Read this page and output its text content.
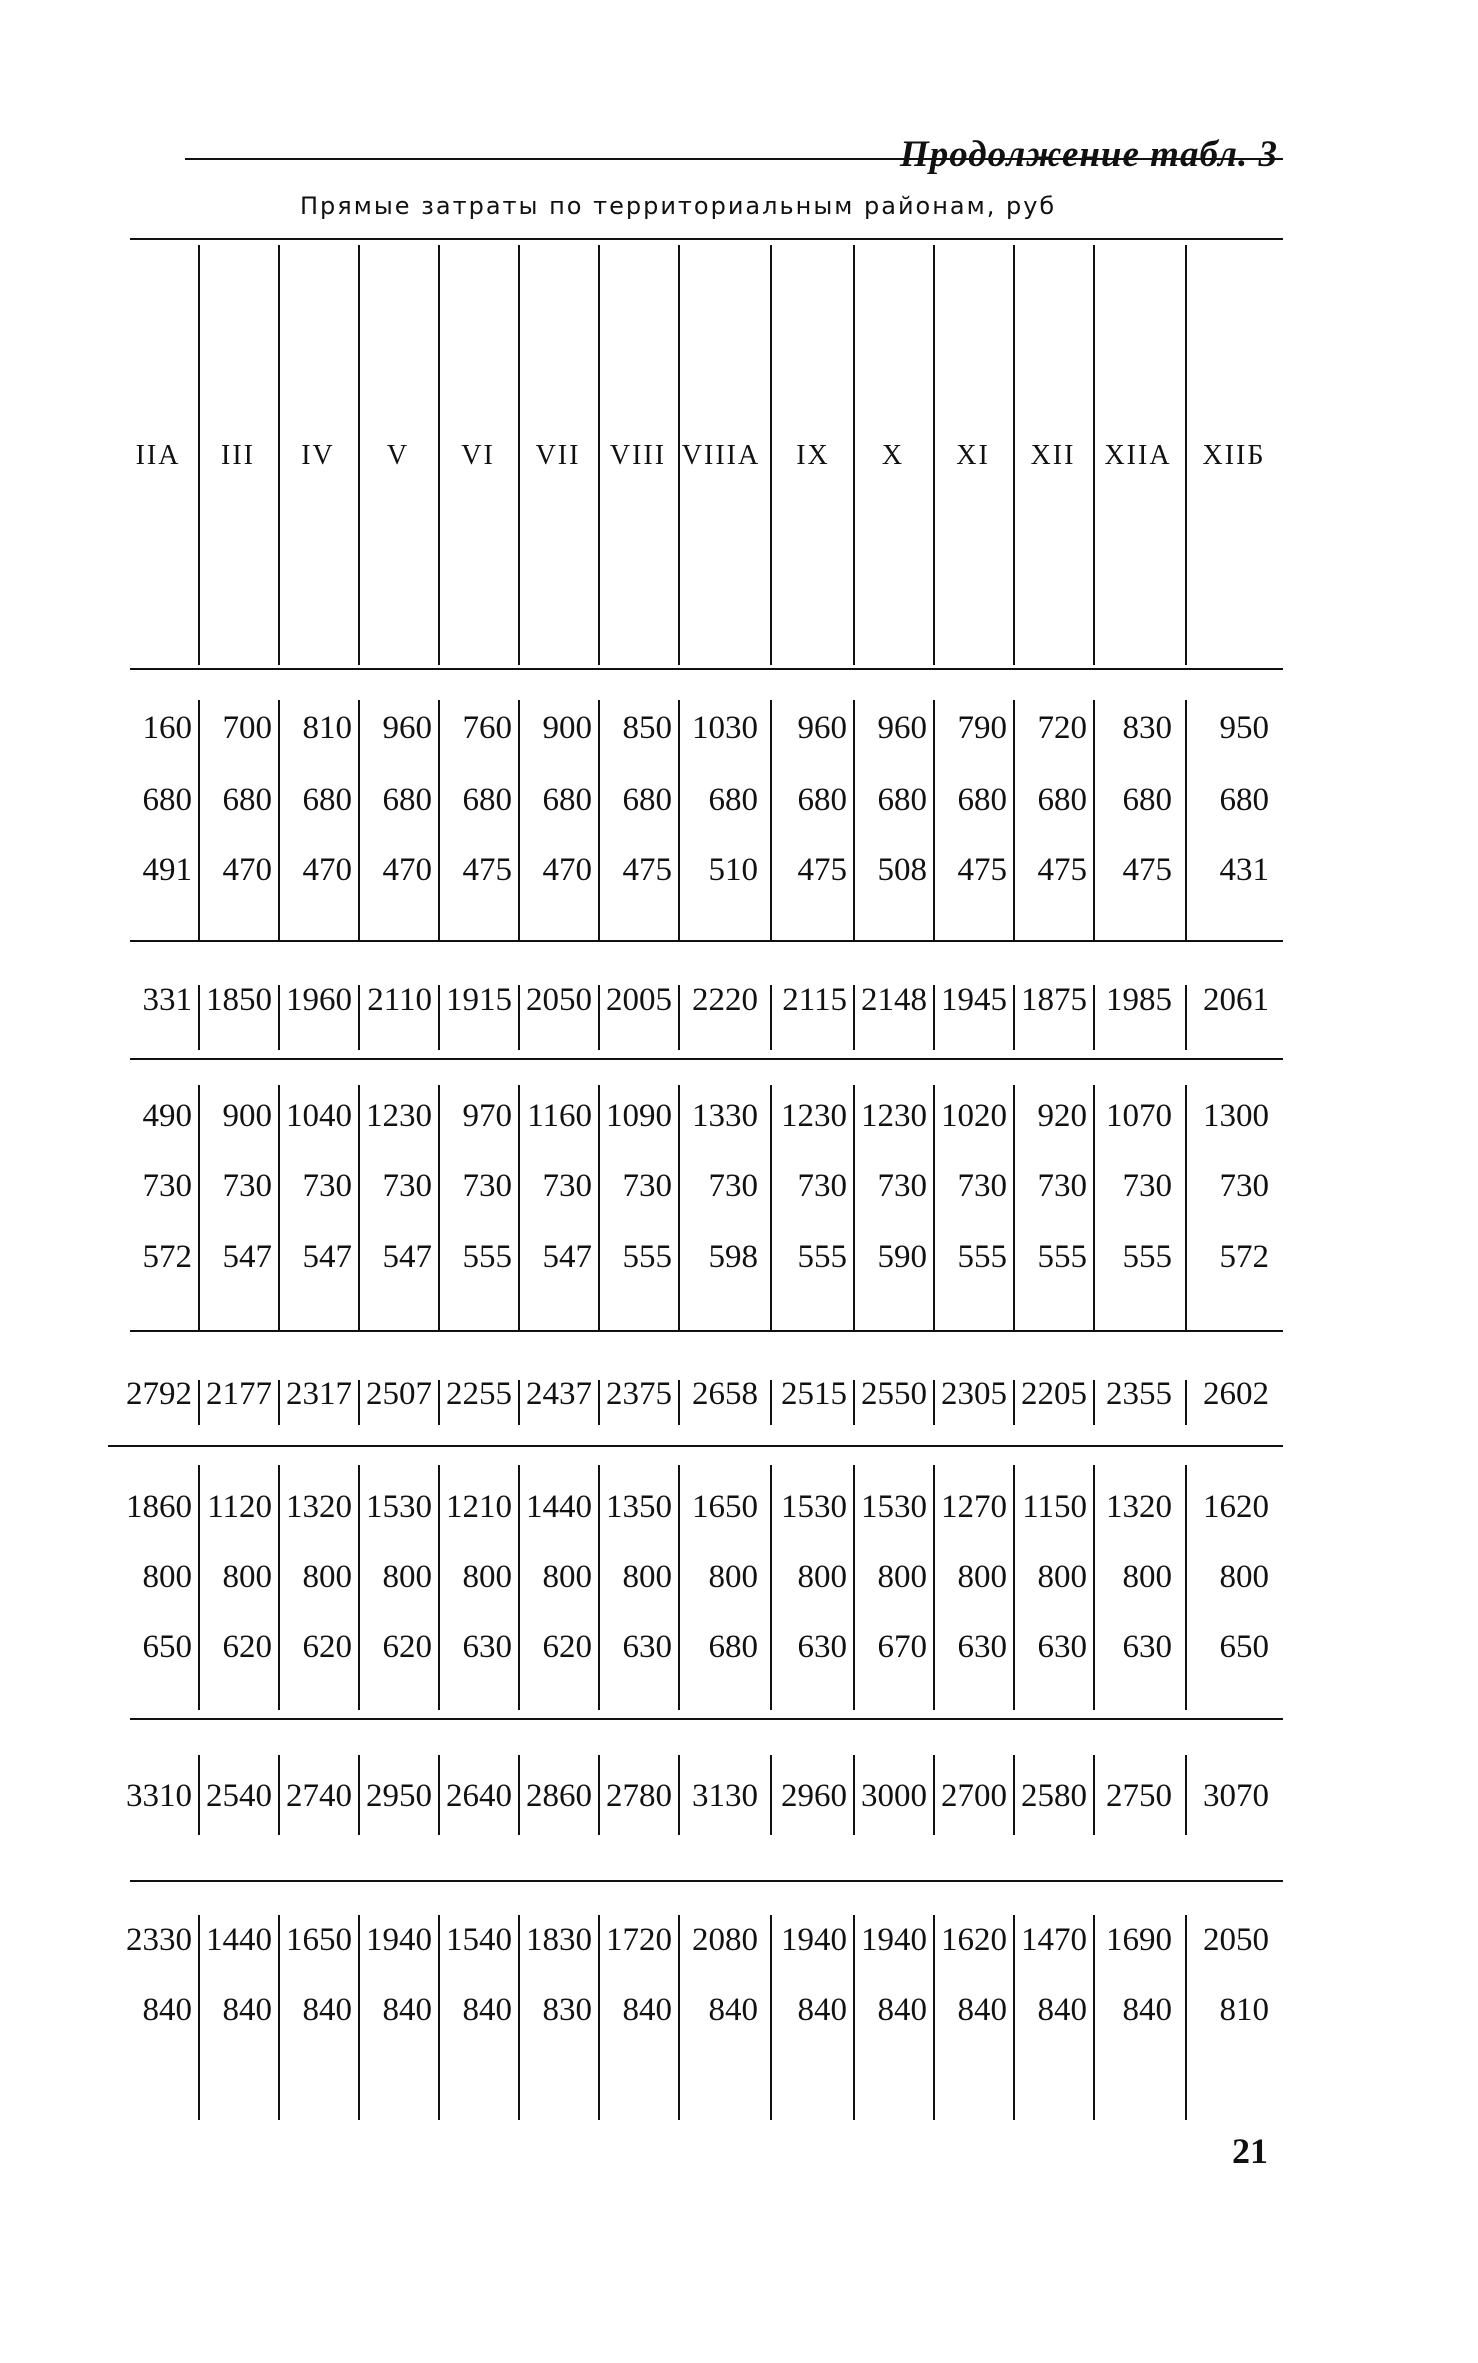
Продолжение табл. 3
Прямые затраты по территориальным районам, руб
IIА	III	IV	V	VI	VII	VIII VIIIА	IX	X	XI	XII	XIIА XIIБ
160 700 810 960 760 900 850 1030	960 960 790 720	830	950
680 680 680 680 680 680 680	680	680 680 680 680	680	680
491 470 470 470 475 470 475	510	475 508 475 475	475	431
331 1850 1960 2110 1915 2050 2005 2220 2115 2148 1945 1875 1985 2061
490 900 1040 1230 970 1160 1090 1330 1230 1230 1020 920 1070 1300
730 730 730 730 730 730 730	730	730 730 730 730	730	730
572 547 547 547 555 547 555	598	555 590 555 555	555	572
2792 2177 2317 2507 2255 2437 2375 2658 2515 2550 2305 2205 2355 2602
1860 1120 1320 1530 1210 1440 1350 1650 1530 1530 1270 1150 1320 1620
800 800 800 800 800 800 800	800	800 800 800 800	800	800
650 620 620 620 630 620 630	680	630 670 630 630	630	650
3310 2540 2740 2950 2640 2860 2780 3130 2960 3000 2700 2580 2750 3070
2330 1440 1650 1940 1540 1830 1720 2080 1940 1940 1620 1470 1690 2050
840 840 840 840 840 830 840	840	840 840 840 840	840	810
21
